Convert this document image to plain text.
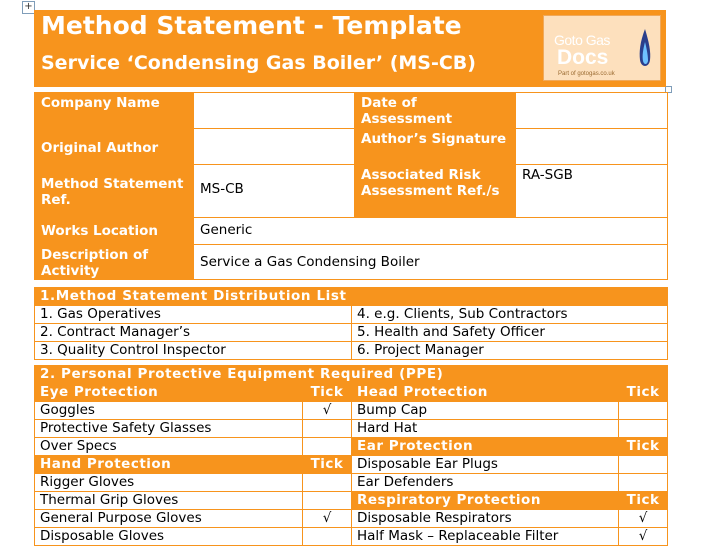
+
Method Statement - Template
Service ‘Condensing Gas Boiler’ (MS-CB)
Goto Gas
Docs
Part of gotogas.co.uk
Company Name		Date of Assessment	

Original Author		Author’s Signature	

Method Statement Ref.	MS-CB	Associated Risk Assessment Ref./s	RA-SGB
Works Location	Generic		
Description of Activity	Service a Gas Condensing Boiler		
1.Method Statement Distribution List	
1. Gas Operatives	4. e.g. Clients, Sub Contractors
2. Contract Manager’s	5. Health and Safety Officer
3. Quality Control Inspector	6. Project Manager
2. Personal Protective Equipment Required (PPE)			
Eye Protection	Tick	Head Protection	Tick
Goggles	√	Bump Cap	
Protective Safety Glasses		Hard Hat	
Over Specs		Ear Protection	Tick
Hand Protection	Tick	Disposable Ear Plugs	
Rigger Gloves		Ear Defenders	
Thermal Grip Gloves		Respiratory Protection	Tick
General Purpose Gloves	√	Disposable Respirators	√
Disposable Gloves		Half Mask – Replaceable Filter	√
